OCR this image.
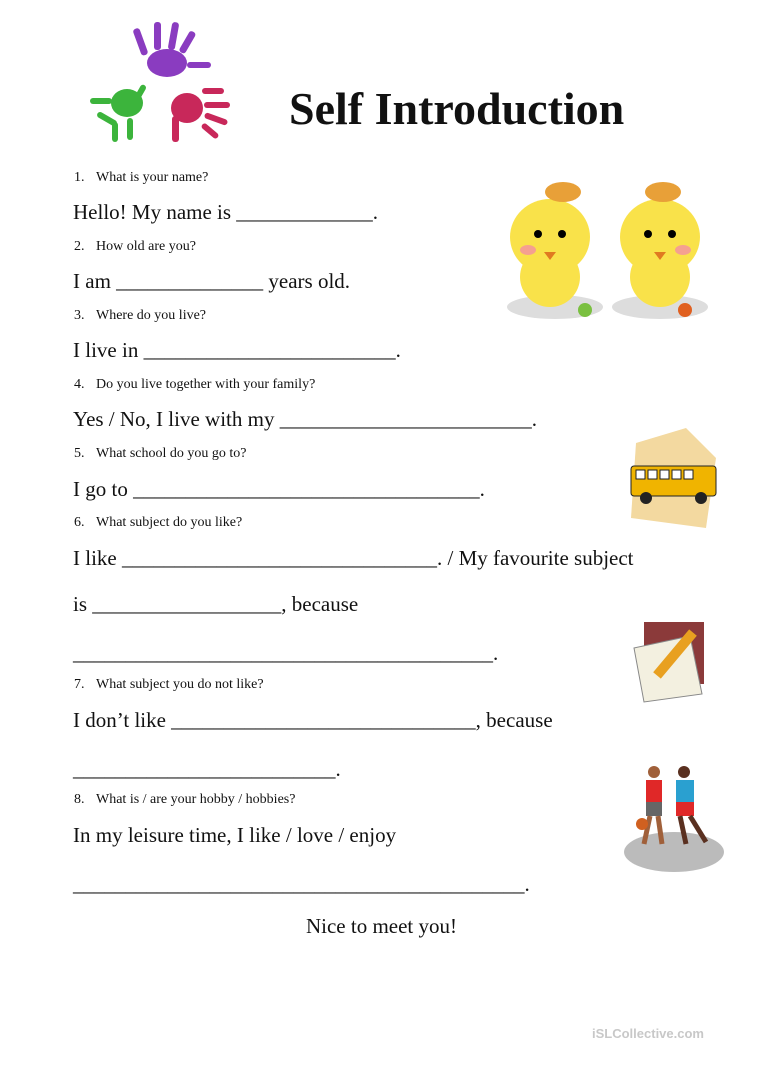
Self Introduction
1. What is your name?
Hello! My name is _____________.
2. How old are you?
I am ______________ years old.
3. Where do you live?
I live in ________________________.
4. Do you live together with your family?
Yes / No, I live with my ________________________.
5. What school do you go to?
I go to _________________________________.
6. What subject do you like?
I like ______________________________. / My favourite subject
is __________________, because
________________________________________.
7. What subject you do not like?
I don’t like _____________________________, because
_________________________.
8. What is / are your hobby / hobbies?
In my leisure time, I like / love / enjoy
___________________________________________.
Nice to meet you!
iSLCollective.com
